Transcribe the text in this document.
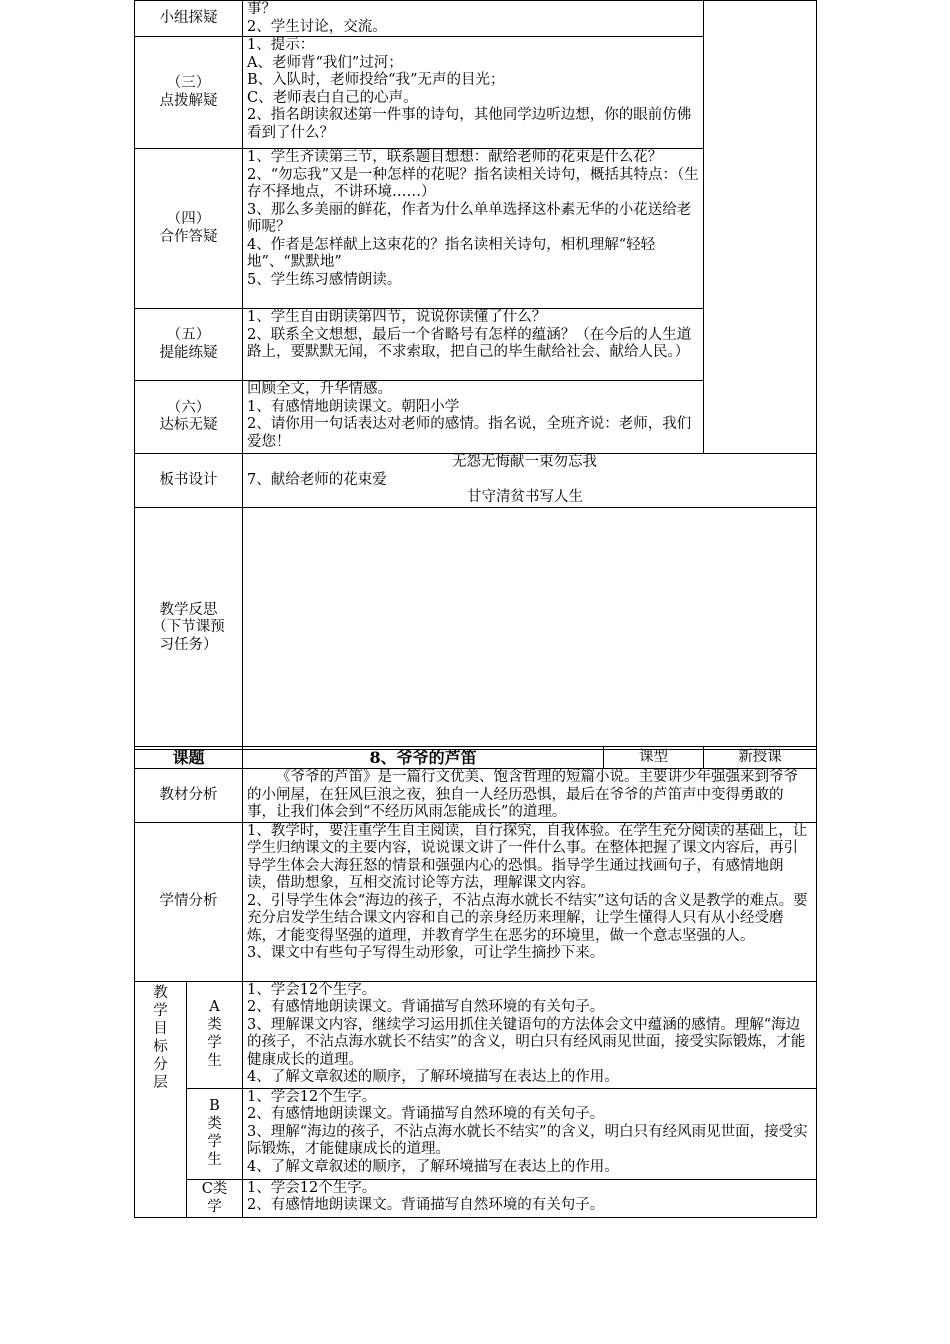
小组探疑	事？
2、学生讨论，交流。	

（三）
点拨解疑	1、提示：
A、老师背“我们”过河；
B、入队时，老师投给“我”无声的目光；
C、老师表白自己的心声。
2、指名朗读叙述第一件事的诗句，其他同学边听边想，你的眼前仿佛看到了什么？	

（四）
合作答疑	1、学生齐读第三节，联系题目想想：献给老师的花束是什么花？
2、“勿忘我”又是一种怎样的花呢？指名读相关诗句，概括其特点：（生存不择地点，不讲环境……）
3、那么多美丽的鲜花，作者为什么单单选择这朴素无华的小花送给老师呢？
4、作者是怎样献上这束花的？指名读相关诗句，相机理解“轻轻地”、“默默地”
5、学生练习感情朗读。	

（五）
提能练疑	1、学生自由朗读第四节，说说你读懂了什么？
2、联系全文想想，最后一个省略号有怎样的蕴涵？（在今后的人生道路上，要默默无闻，不求索取，把自己的毕生献给社会、献给人民。）	

（六）
达标无疑	回顾全文，升华情感。
1、有感情地朗读课文。朝阳小学
2、请你用一句话表达对老师的感情。指名说，全班齐说：老师，我们爱您！	

板书设计	无怨无悔献一束勿忘我
7、献给老师的花束爱
甘守清贫书写人生	

教学反思
（下节课预
习任务）		

课题		8、爷爷的芦笛	课型	新授课
教材分析		《爷爷的芦笛》是一篇行文优美、饱含哲理的短篇小说。主要讲少年强强来到爷爷的小闸屋，在狂风巨浪之夜，独自一人经历恐惧，最后在爷爷的芦笛声中变得勇敢的事，让我们体会到“不经历风雨怎能成长”的道理。		
学情分析		1、教学时，要注重学生自主阅读，自行探究，自我体验。在学生充分阅读的基础上，让学生归纳课文的主要内容，说说课文讲了一件什么事。在整体把握了课文内容后，再引导学生体会大海狂怒的情景和强强内心的恐惧。指导学生通过找画句子，有感情地朗读，借助想象，互相交流讨论等方法，理解课文内容。
2、引导学生体会“海边的孩子，不沾点海水就长不结实”这句话的含义是教学的难点。要充分启发学生结合课文内容和自己的亲身经历来理解，让学生懂得人只有从小经受磨炼，才能变得坚强的道理，并教育学生在恶劣的环境里，做一个意志坚强的人。
3、课文中有些句子写得生动形象，可让学生摘抄下来。		

教学目标分层	A类学生	1、学会12个生字。
2、有感情地朗读课文。背诵描写自然环境的有关句子。
3、理解课文内容，继续学习运用抓住关键语句的方法体会文中蕴涵的感情。理解“海边的孩子，不沾点海水就长不结实”的含义，明白只有经风雨见世面，接受实际锻炼，才能健康成长的道理。
4、了解文章叙述的顺序，了解环境描写在表达上的作用。		

	B类学生	1、学会12个生字。
2、有感情地朗读课文。背诵描写自然环境的有关句子。
3、理解“海边的孩子，不沾点海水就长不结实”的含义，明白只有经风雨见世面，接受实际锻炼，才能健康成长的道理。
4、了解文章叙述的顺序，了解环境描写在表达上的作用。		

	C类学	1、学会12个生字。
2、有感情地朗读课文。背诵描写自然环境的有关句子。		
